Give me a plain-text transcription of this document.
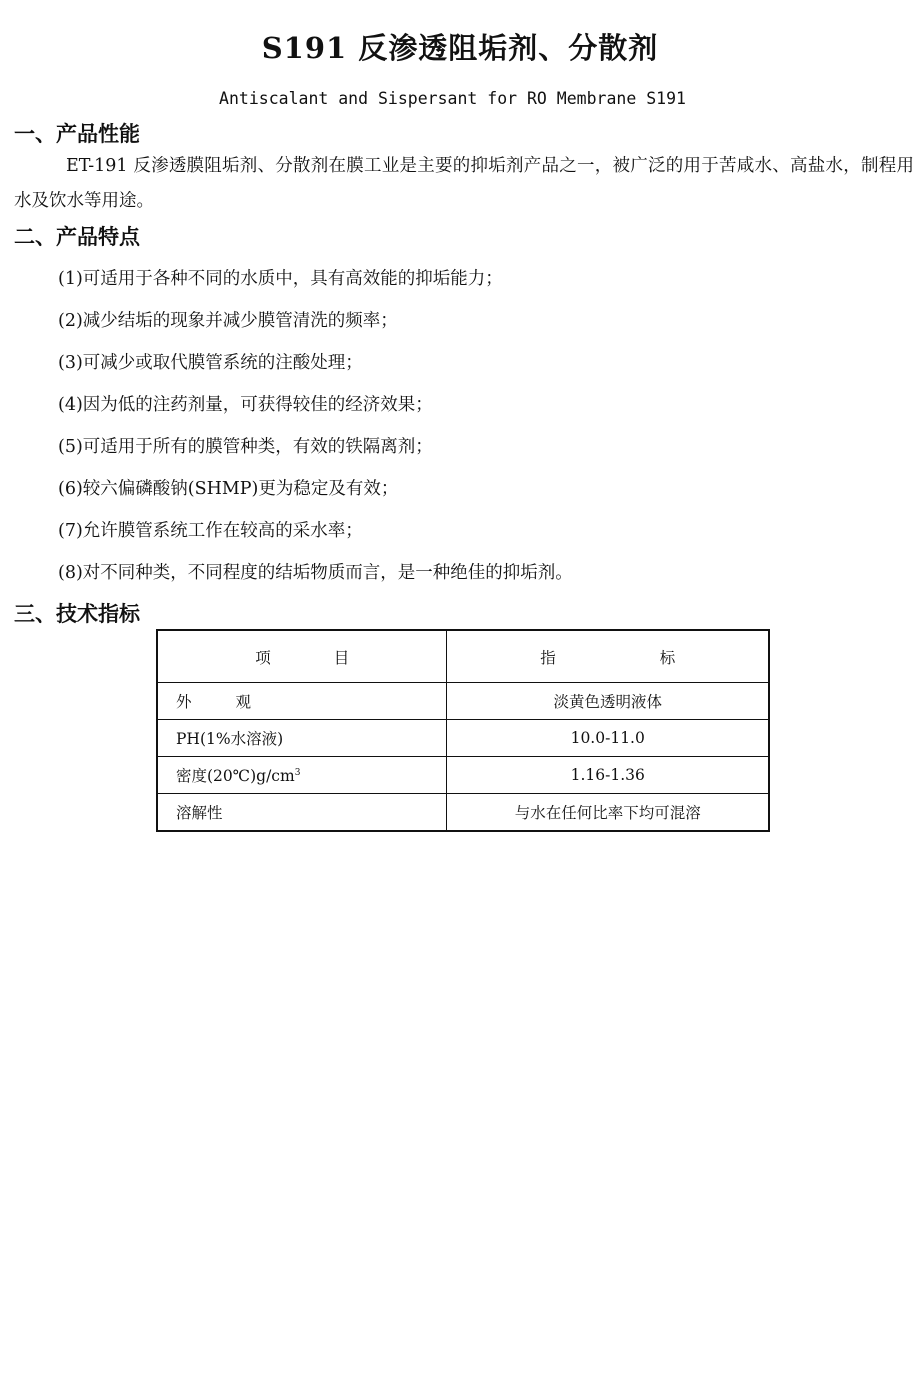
S191 反渗透阻垢剂、分散剂
Antiscalant and Sispersant for RO Membrane S191
一、产品性能

ET-191 反渗透膜阻垢剂、分散剂在膜工业是主要的抑垢剂产品之一，被广泛的用于苦咸水、高盐水，制程用水及饮水等用途。

二、产品特点
(1)可适用于各种不同的水质中，具有高效能的抑垢能力；
(2)减少结垢的现象并减少膜管清洗的频率；
(3)可减少或取代膜管系统的注酸处理；
(4)因为低的注药剂量，可获得较佳的经济效果；
(5)可适用于所有的膜管种类，有效的铁隔离剂；
(6)较六偏磷酸钠(SHMP)更为稳定及有效；
(7)允许膜管系统工作在较高的采水率；
(8)对不同种类，不同程度的结垢物质而言，是一种绝佳的抑垢剂。
三、技术指标
项 目	指 标

外 观	淡黄色透明液体
PH(1%水溶液)	10.0-11.0
密度$(20℃)g/cm^3$	1.16-1.36
溶解性	与水在任何比率下均可混溶
